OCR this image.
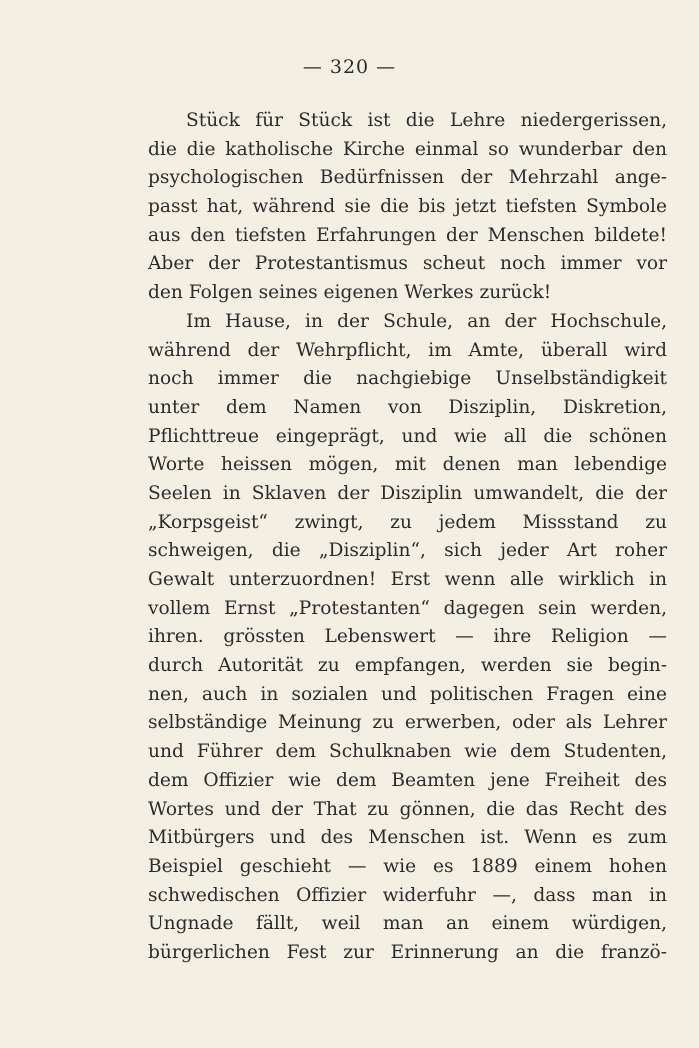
— 320 —
Stück für Stück ist die Lehre niedergerissen,
die die katholische Kirche einmal so wunderbar den
psychologischen Bedürfnissen der Mehrzahl ange-
passt hat, während sie die bis jetzt tiefsten Symbole
aus den tiefsten Erfahrungen der Menschen bildete!
Aber der Protestantismus scheut noch immer vor
den Folgen seines eigenen Werkes zurück!
Im Hause, in der Schule, an der Hochschule,
während der Wehrpflicht, im Amte, überall wird
noch immer die nachgiebige Unselbständigkeit
unter dem Namen von Disziplin, Diskretion,
Pflichttreue eingeprägt, und wie all die schönen
Worte heissen mögen, mit denen man lebendige
Seelen in Sklaven der Disziplin umwandelt, die der
„Korpsgeist“ zwingt, zu jedem Missstand zu
schweigen, die „Disziplin“, sich jeder Art roher
Gewalt unterzuordnen! Erst wenn alle wirklich in
vollem Ernst „Protestanten“ dagegen sein werden,
ihren. grössten Lebenswert — ihre Religion —
durch Autorität zu empfangen, werden sie begin-
nen, auch in sozialen und politischen Fragen eine
selbständige Meinung zu erwerben, oder als Lehrer
und Führer dem Schulknaben wie dem Studenten,
dem Offizier wie dem Beamten jene Freiheit des
Wortes und der That zu gönnen, die das Recht des
Mitbürgers und des Menschen ist. Wenn es zum
Beispiel geschieht — wie es 1889 einem hohen
schwedischen Offizier widerfuhr —, dass man in
Ungnade fällt, weil man an einem würdigen,
bürgerlichen Fest zur Erinnerung an die franzö-
